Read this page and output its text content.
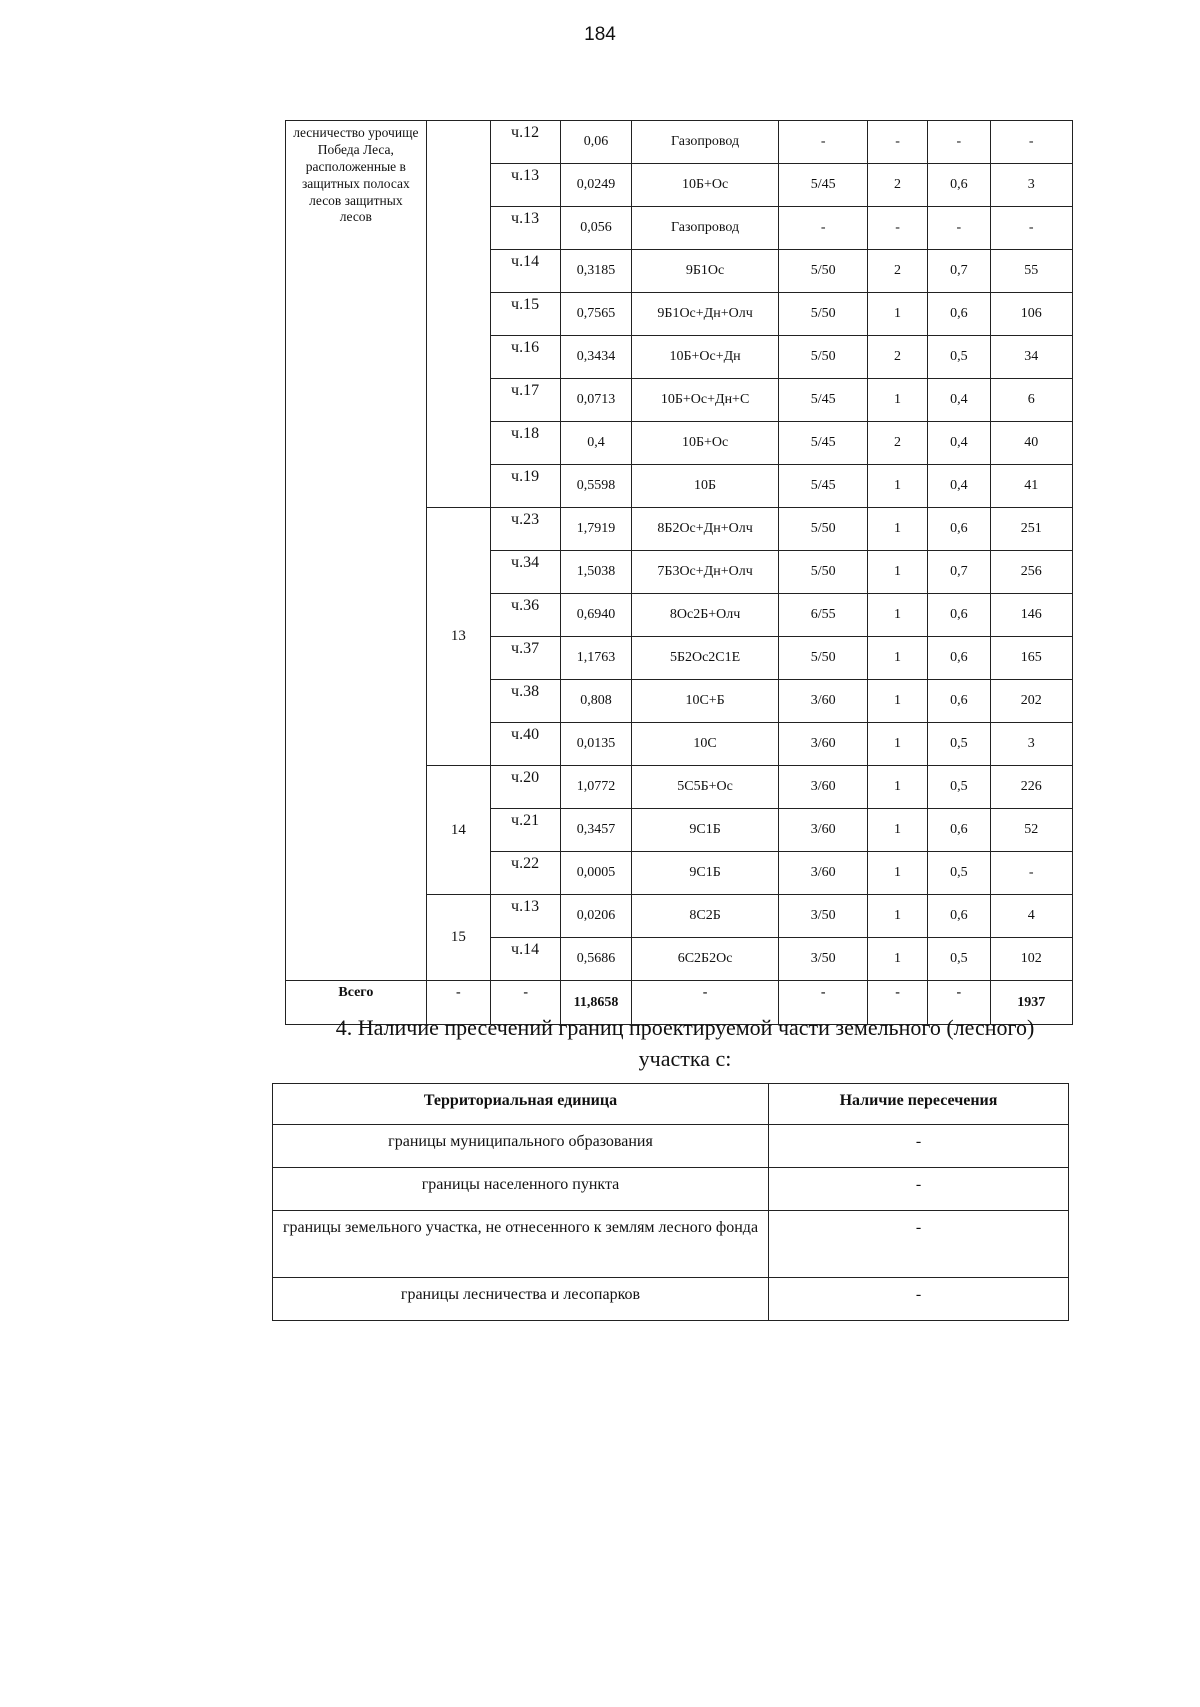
184
лесничество урочище Победа Леса, расположенные в защитных полосах лесов защитных лесов		ч.12	0,06	Газопровод	-	-	-	-
		ч.13	0,0249	10Б+Ос	5/45	2	0,6	3
		ч.13	0,056	Газопровод	-	-	-	-
		ч.14	0,3185	9Б1Ос	5/50	2	0,7	55
		ч.15	0,7565	9Б1Ос+Дн+Олч	5/50	1	0,6	106
		ч.16	0,3434	10Б+Ос+Дн	5/50	2	0,5	34
		ч.17	0,0713	10Б+Ос+Дн+С	5/45	1	0,4	6
		ч.18	0,4	10Б+Ос	5/45	2	0,4	40
		ч.19	0,5598	10Б	5/45	1	0,4	41
	13	ч.23	1,7919	8Б2Ос+Дн+Олч	5/50	1	0,6	251
		ч.34	1,5038	7Б3Ос+Дн+Олч	5/50	1	0,7	256
		ч.36	0,6940	8Ос2Б+Олч	6/55	1	0,6	146
		ч.37	1,1763	5Б2Ос2С1Е	5/50	1	0,6	165
		ч.38	0,808	10С+Б	3/60	1	0,6	202
		ч.40	0,0135	10С	3/60	1	0,5	3
	14	ч.20	1,0772	5С5Б+Ос	3/60	1	0,5	226
		ч.21	0,3457	9С1Б	3/60	1	0,6	52
		ч.22	0,0005	9С1Б	3/60	1	0,5	-
	15	ч.13	0,0206	8С2Б	3/50	1	0,6	4
		ч.14	0,5686	6С2Б2Ос	3/50	1	0,5	102
Всего	-	-	11,8658	-	-	-	-	1937
4. Наличие пресечений границ проектируемой части земельного (лесного)
участка с:
Территориальная единица	Наличие пересечения
границы муниципального образования	-
границы населенного пункта	-
границы земельного участка, не отнесенного к землям лесного фонда	-
границы лесничества и лесопарков	-
